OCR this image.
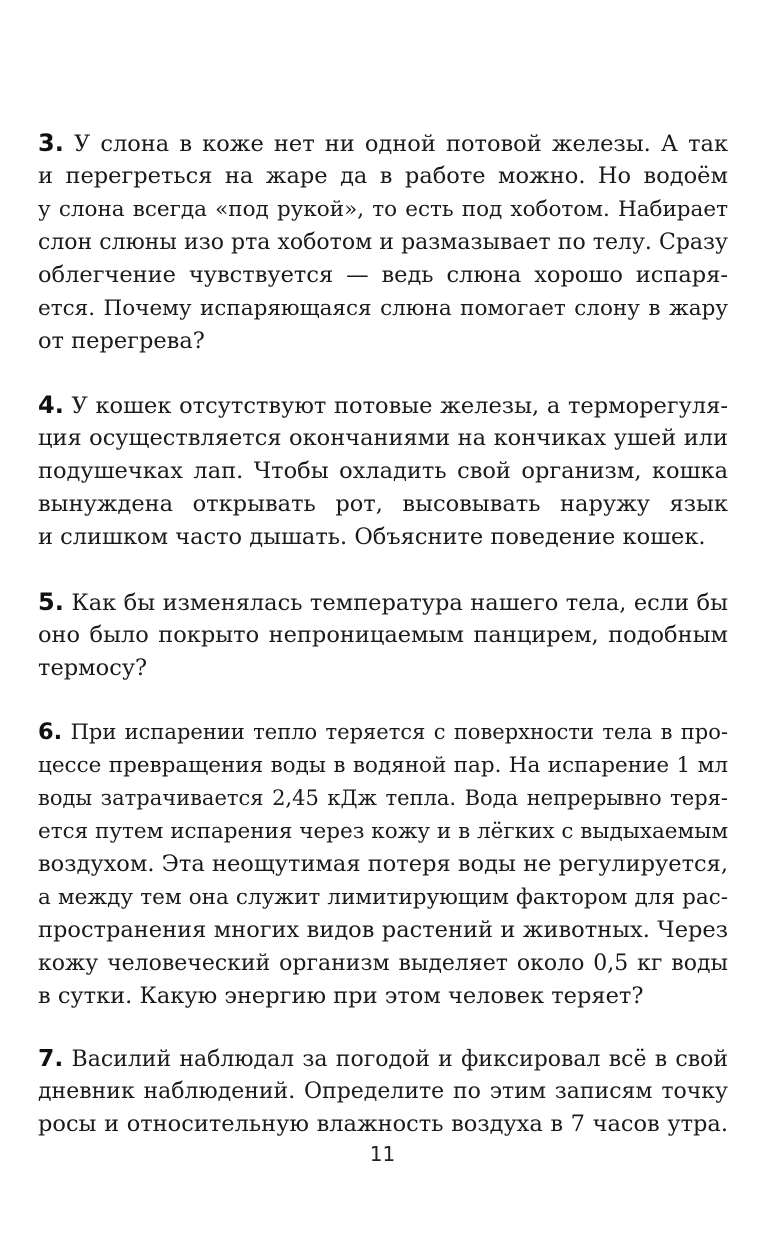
3. У слона в коже нет ни одной потовой железы. А так
и перегреться на жаре да в работе можно. Но водоём
у слона всегда «под рукой», то есть под хоботом. Набирает
слон слюны изо рта хоботом и размазывает по телу. Сразу
облегчение чувствуется — ведь слюна хорошо испаря-
ется. Почему испаряющаяся слюна помогает слону в жару
от перегрева?
4. У кошек отсутствуют потовые железы, а терморегуля-
ция осуществляется окончаниями на кончиках ушей или
подушечках лап. Чтобы охладить свой организм, кошка
вынуждена открывать рот, высовывать наружу язык
и слишком часто дышать. Объясните поведение кошек.
5. Как бы изменялась температура нашего тела, если бы
оно было покрыто непроницаемым панцирем, подобным
термосу?
6. При испарении тепло теряется с поверхности тела в про-
цессе превращения воды в водяной пар. На испарение 1 мл
воды затрачивается 2,45 кДж тепла. Вода непрерывно теря-
ется путем испарения через кожу и в лёгких с выдыхаемым
воздухом. Эта неощутимая потеря воды не регулируется,
а между тем она служит лимитирующим фактором для рас-
пространения многих видов растений и животных. Через
кожу человеческий организм выделяет около 0,5 кг воды
в сутки. Какую энергию при этом человек теряет?
7. Василий наблюдал за погодой и фиксировал всё в свой
дневник наблюдений. Определите по этим записям точку
росы и относительную влажность воздуха в 7 часов утра.
11
